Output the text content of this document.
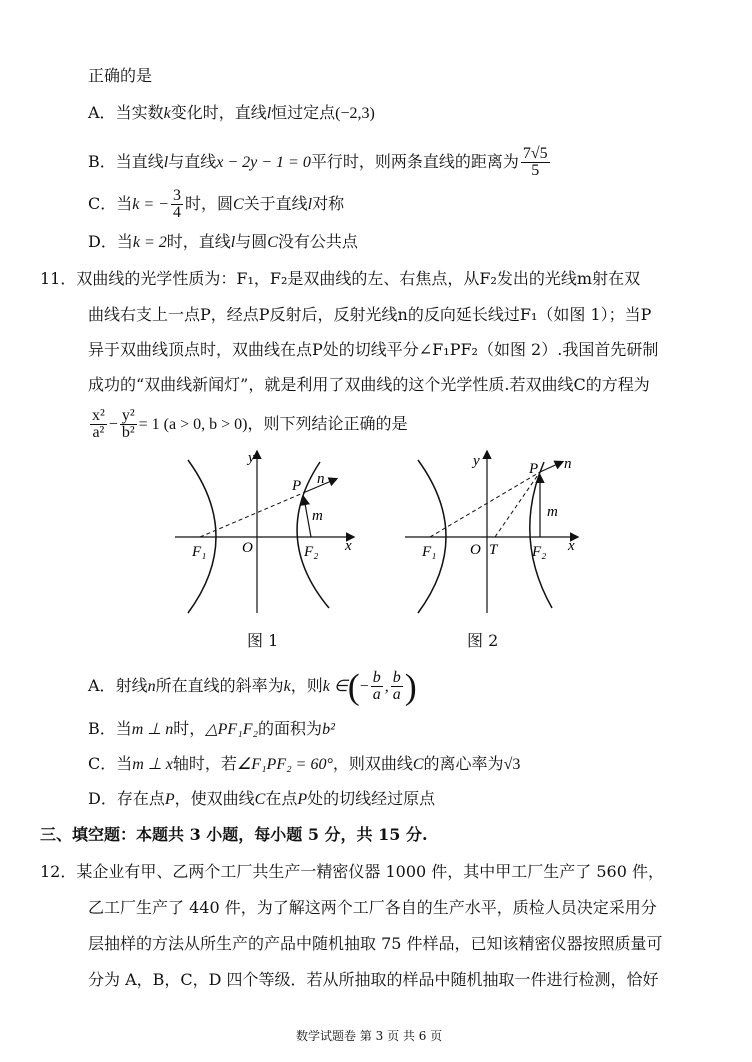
正确的是
A．当实数k变化时，直线l恒过定点(−2,3)
B．当直线l与直线x − 2y − 1 = 0平行时，则两条直线的距离为 $\frac{7√5}{5}$
C．当k = − $\frac{3}{4}$ 时，圆C关于直线l对称
D．当k = 2时，直线l与圆C没有公共点
11．双曲线的光学性质为：F₁，F₂是双曲线的左、右焦点，从F₂发出的光线m射在双
曲线右支上一点P，经点P反射后，反射光线n的反向延长线过F₁（如图 1）；当P
异于双曲线顶点时，双曲线在点P处的切线平分∠F₁PF₂（如图 2）.我国首先研制
成功的“双曲线新闻灯”，就是利用了双曲线的这个光学性质.若双曲线C的方程为
$\frac{\text{x²}}{\text{a²}} - \frac{\text{y²}}{\text{b²}} = 1$ (a > 0, b > 0)，则下列结论正确的是
y
x
O
F₁	F₂
P n
m
图 1
y
x
O T
F₁	F₂
P n
m
图 2
A．射线n所在直线的斜率为k，则k ∈(− $\frac{b}{a}$ , $\frac{b}{a}$ )
B．当m ⊥ n时，△PF₁F₂的面积为b²
C．当m ⊥ x轴时，若∠F₁PF₂ = 60°，则双曲线C的离心率为√3
D．存在点P，使双曲线C在点P处的切线经过原点
三、填空题：本题共 3 小题，每小题 5 分，共 15 分.
12．某企业有甲、乙两个工厂共生产一精密仪器 1000 件，其中甲工厂生产了 560 件，
乙工厂生产了 440 件，为了解这两个工厂各自的生产水平，质检人员决定采用分
层抽样的方法从所生产的产品中随机抽取 75 件样品，已知该精密仪器按照质量可
分为 A，B，C，D 四个等级．若从所抽取的样品中随机抽取一件进行检测，恰好
数学试题卷 第 3 页 共 6 页
